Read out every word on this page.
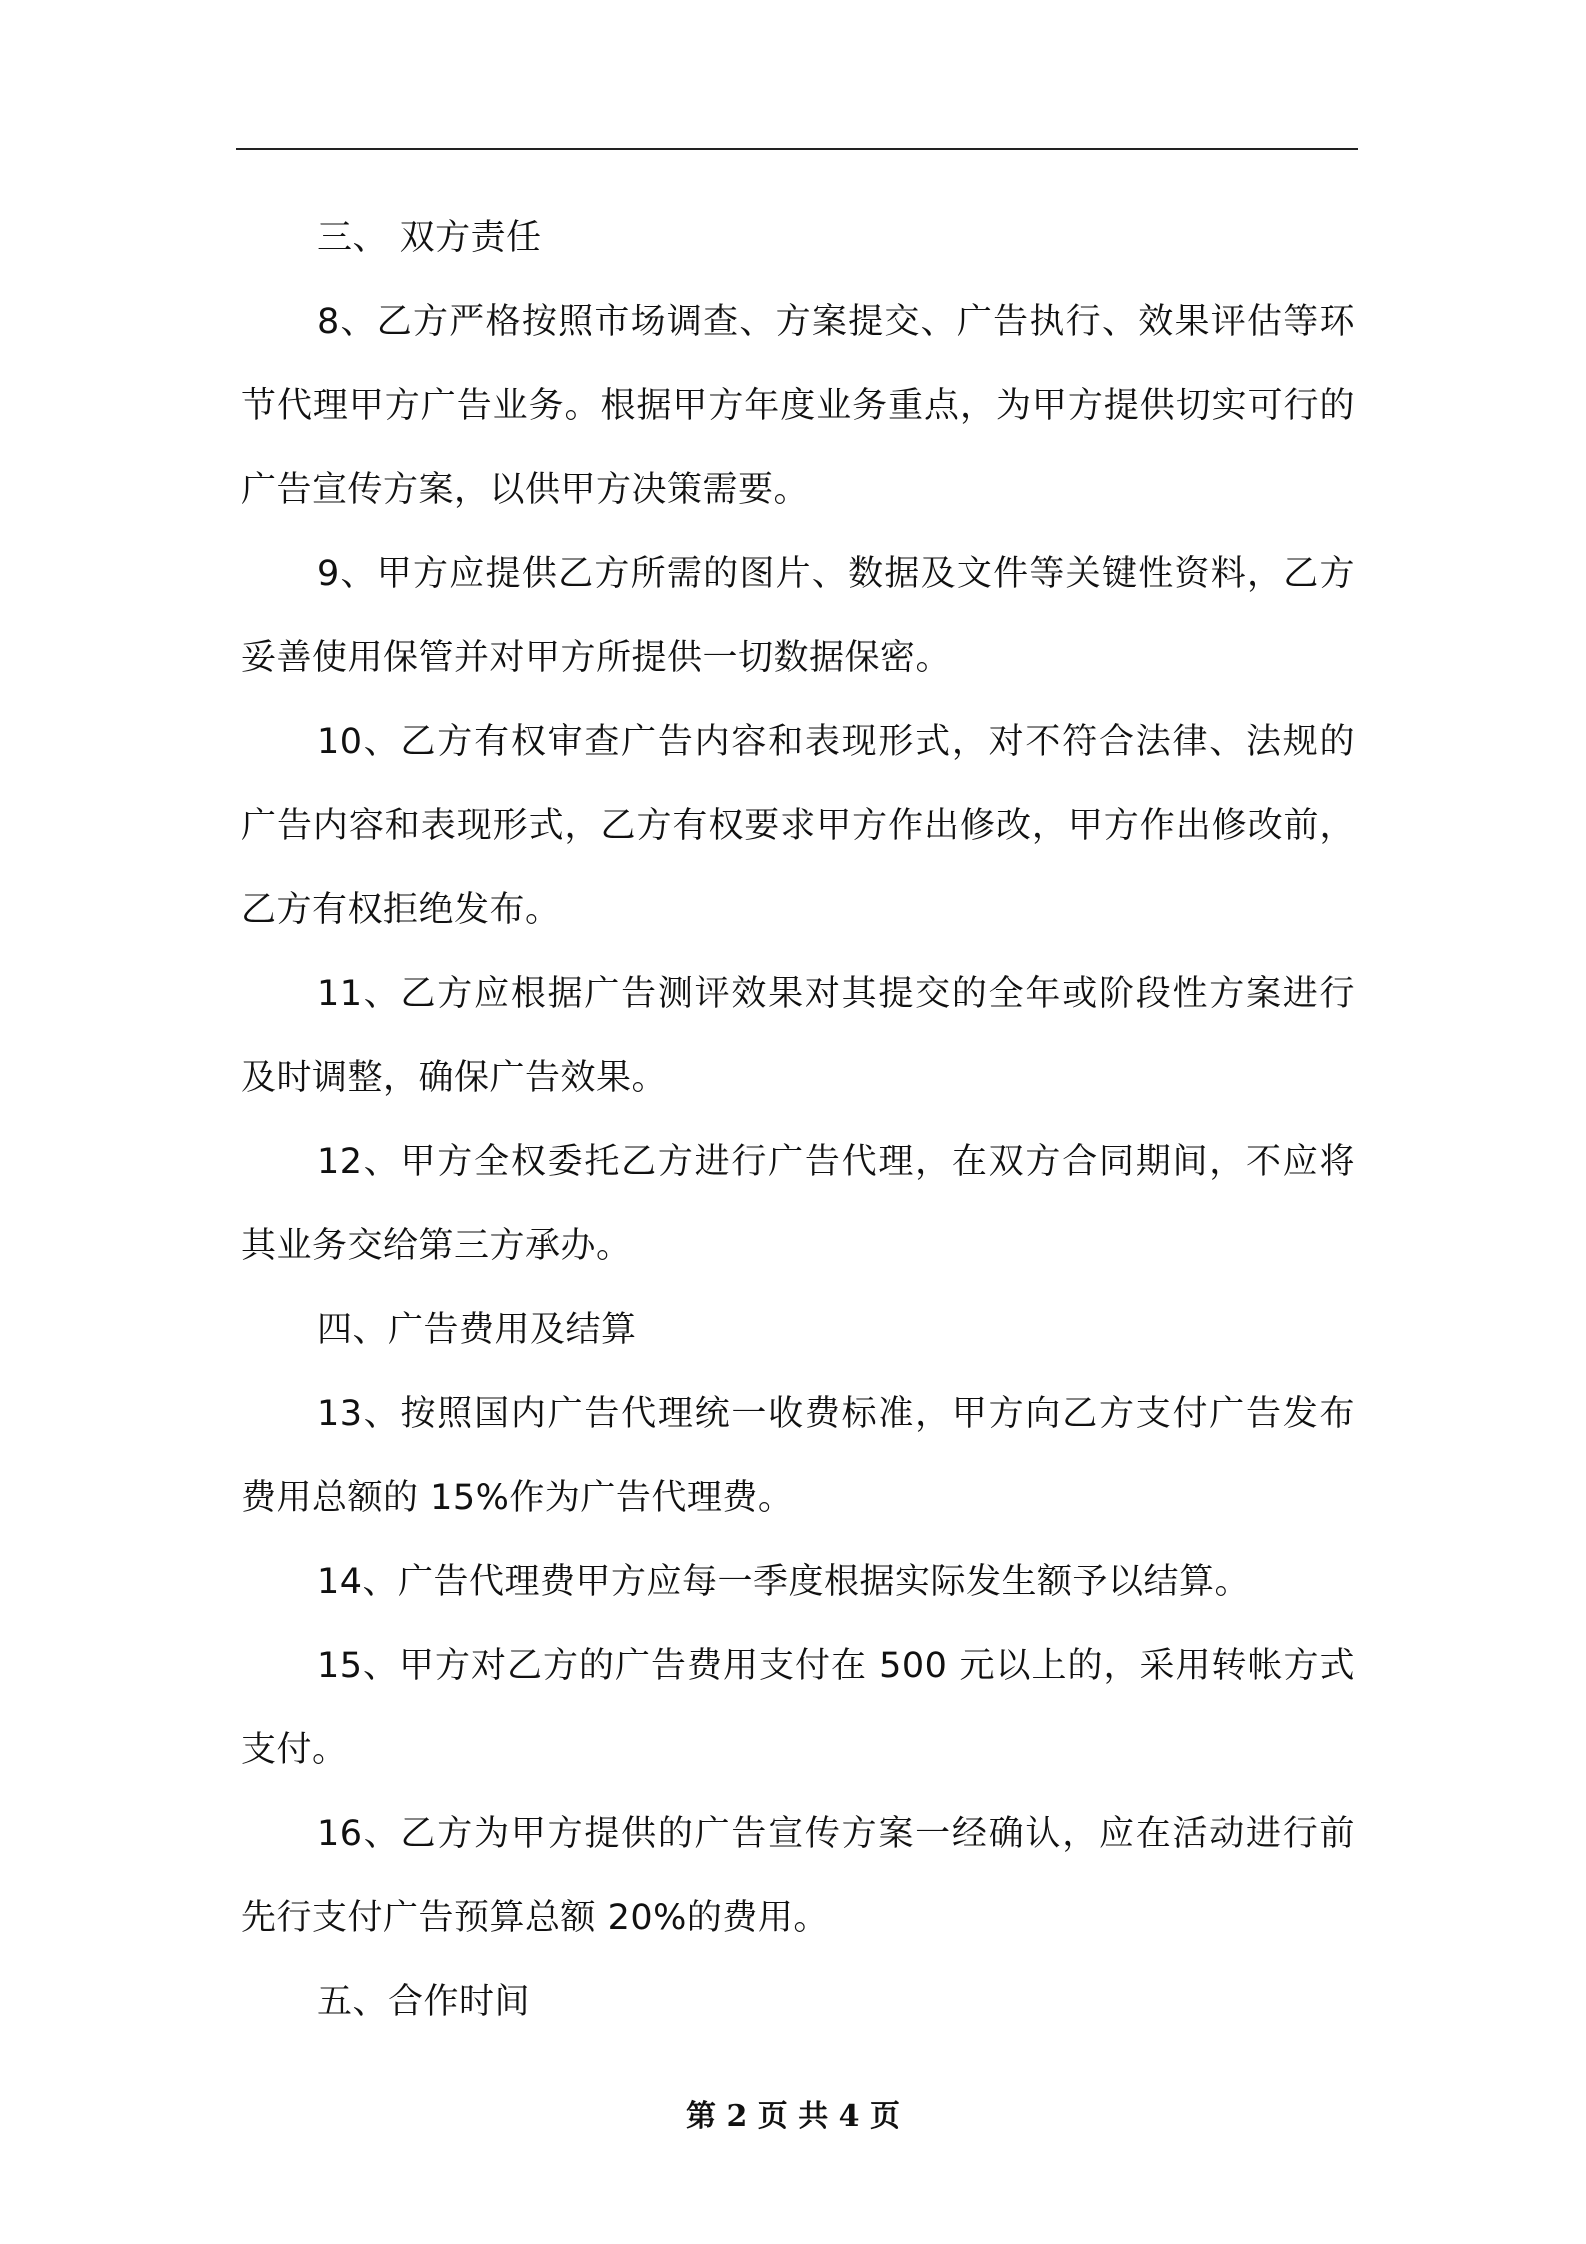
三、 双方责任

8、乙方严格按照市场调查、方案提交、广告执行、效果评估等环节代理甲方广告业务。根据甲方年度业务重点，为甲方提供切实可行的广告宣传方案，以供甲方决策需要。

9、甲方应提供乙方所需的图片、数据及文件等关键性资料，乙方妥善使用保管并对甲方所提供一切数据保密。

10、乙方有权审查广告内容和表现形式，对不符合法律、法规的广告内容和表现形式，乙方有权要求甲方作出修改，甲方作出修改前，乙方有权拒绝发布。

11、乙方应根据广告测评效果对其提交的全年或阶段性方案进行及时调整，确保广告效果。

12、甲方全权委托乙方进行广告代理，在双方合同期间，不应将其业务交给第三方承办。

四、广告费用及结算

13、按照国内广告代理统一收费标准，甲方向乙方支付广告发布费用总额的 15%作为广告代理费。

14、广告代理费甲方应每一季度根据实际发生额予以结算。

15、甲方对乙方的广告费用支付在 500 元以上的，采用转帐方式支付。

16、乙方为甲方提供的广告宣传方案一经确认，应在活动进行前先行支付广告预算总额 20%的费用。

五、合作时间

第 2 页 共 4 页
